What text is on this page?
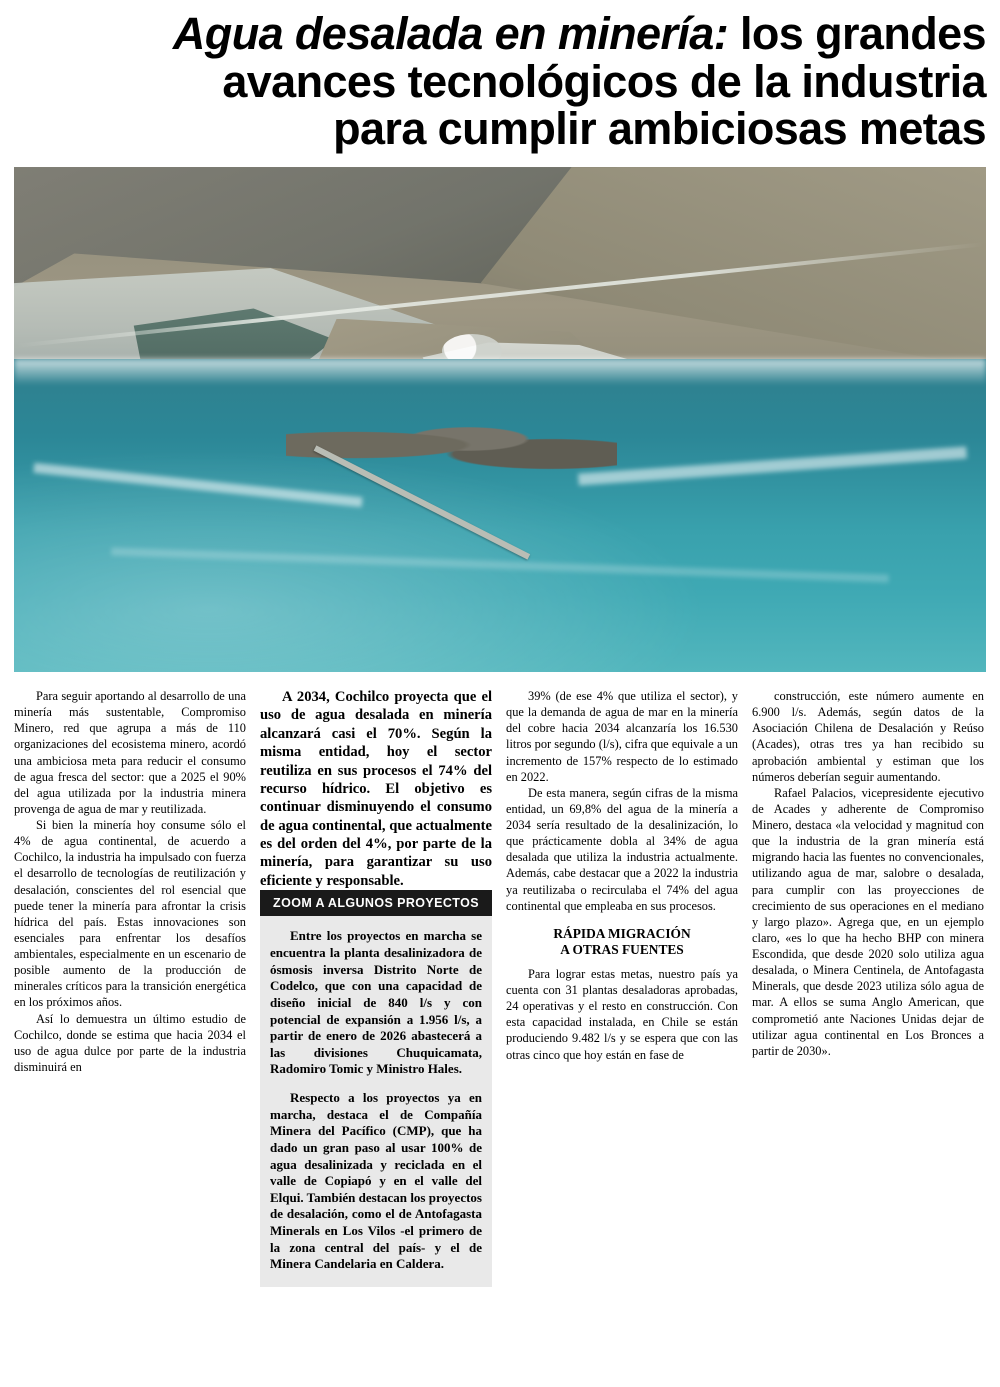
Agua desalada en minería: los grandes
avances tecnológicos de la industria
para cumplir ambiciosas metas

Para seguir aportando al desarrollo de una minería más sustentable, Compromiso Minero, red que agrupa a más de 110 organizaciones del ecosistema minero, acordó una ambiciosa meta para reducir el consumo de agua fresca del sector: que a 2025 el 90% del agua utilizada por la industria minera provenga de agua de mar y reutilizada.

Si bien la minería hoy consume sólo el 4% de agua continental, de acuerdo a Cochilco, la industria ha impulsado con fuerza el desarrollo de tecnologías de reutilización y desalación, conscientes del rol esencial que puede tener la minería para afrontar la crisis hídrica del país. Estas innovaciones son esenciales para enfrentar los desafíos ambientales, especialmente en un escenario de posible aumento de la producción de minerales críticos para la transición energética en los próximos años.

Así lo demuestra un último estudio de Cochilco, donde se estima que hacia 2034 el uso de agua dulce por parte de la industria disminuirá en

A 2034, Cochilco proyecta que el uso de agua desalada en minería alcanzará casi el 70%. Según la misma entidad, hoy el sector reutiliza en sus procesos el 74% del recurso hídrico. El objetivo es continuar disminuyendo el consumo de agua continental, que actualmente es del orden del 4%, por parte de la minería, para garantizar su uso eficiente y responsable.

ZOOM A ALGUNOS PROYECTOS

Entre los proyectos en marcha se encuentra la planta desalinizadora de ósmosis inversa Distrito Norte de Codelco, que con una capacidad de diseño inicial de 840 l/s y con potencial de expansión a 1.956 l/s, a partir de enero de 2026 abastecerá a las divisiones Chuquicamata, Radomiro Tomic y Ministro Hales.

Respecto a los proyectos ya en marcha, destaca el de Compañía Minera del Pacífico (CMP), que ha dado un gran paso al usar 100% de agua desalinizada y reciclada en el valle de Copiapó y en el valle del Elqui. También destacan los proyectos de desalación, como el de Antofagasta Minerals en Los Vilos -el primero de la zona central del país- y el de Minera Candelaria en Caldera.

39% (de ese 4% que utiliza el sector), y que la demanda de agua de mar en la minería del cobre hacia 2034 alcanzaría los 16.530 litros por segundo (l/s), cifra que equivale a un incremento de 157% respecto de lo estimado en 2022.

De esta manera, según cifras de la misma entidad, un 69,8% del agua de la minería a 2034 sería resultado de la desalinización, lo que prácticamente dobla al 34% de agua desalada que utiliza la industria actualmente. Además, cabe destacar que a 2022 la industria ya reutilizaba o recirculaba el 74% del agua continental que empleaba en sus procesos.

RÁPIDA MIGRACIÓN
A OTRAS FUENTES

Para lograr estas metas, nuestro país ya cuenta con 31 plantas desaladoras aprobadas, 24 operativas y el resto en construcción. Con esta capacidad instalada, en Chile se están produciendo 9.482 l/s y se espera que con las otras cinco que hoy están en fase de

construcción, este número aumente en 6.900 l/s. Además, según datos de la Asociación Chilena de Desalación y Reúso (Acades), otras tres ya han recibido su aprobación ambiental y estiman que los números deberían seguir aumentando.

Rafael Palacios, vicepresidente ejecutivo de Acades y adherente de Compromiso Minero, destaca «la velocidad y magnitud con que la industria de la gran minería está migrando hacia las fuentes no convencionales, utilizando agua de mar, salobre o desalada, para cumplir con las proyecciones de crecimiento de sus operaciones en el mediano y largo plazo». Agrega que, en un ejemplo claro, «es lo que ha hecho BHP con minera Escondida, que desde 2020 solo utiliza agua desalada, o Minera Centinela, de Antofagasta Minerals, que desde 2023 utiliza sólo agua de mar. A ellos se suma Anglo American, que comprometió ante Naciones Unidas dejar de utilizar agua continental en Los Bronces a partir de 2030».
